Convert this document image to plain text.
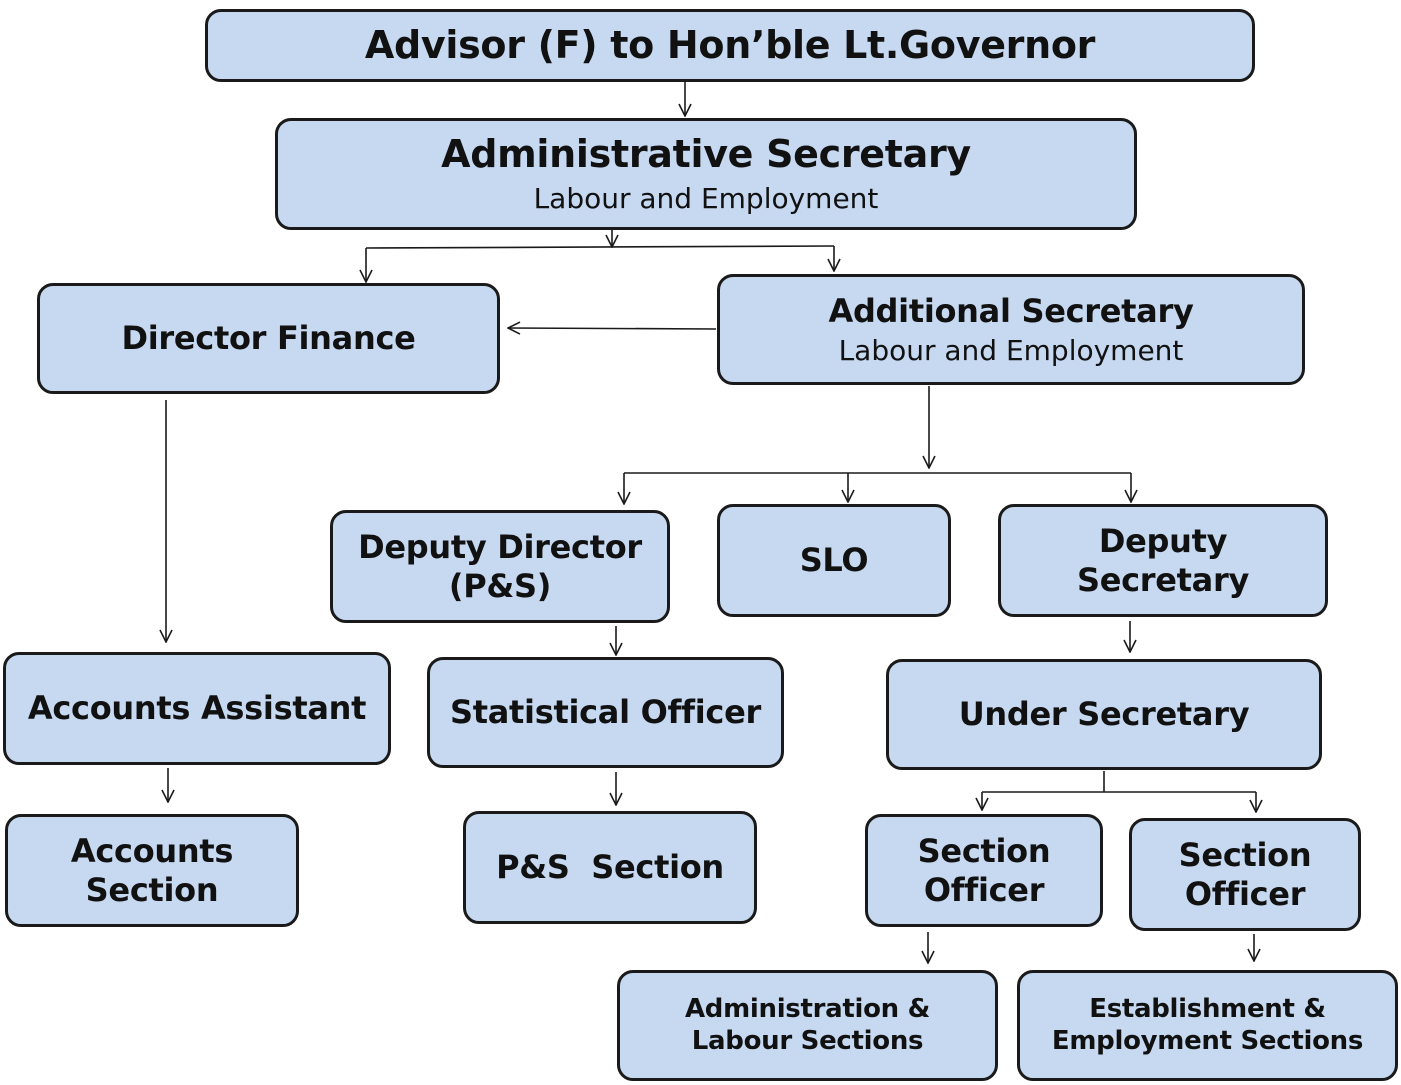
Advisor (F) to Hon’ble Lt.Governor
Administrative Secretary
Labour and Employment
Director Finance
Additional Secretary
Labour and Employment
Deputy Director
(P&S)
SLO
Deputy
Secretary
Accounts Assistant	Statistical Officer	Under Secretary
Accounts
Section
P&S  Section	Section
Officer
Section
Officer
Administration &
Labour Sections
Establishment &
Employment Sections
